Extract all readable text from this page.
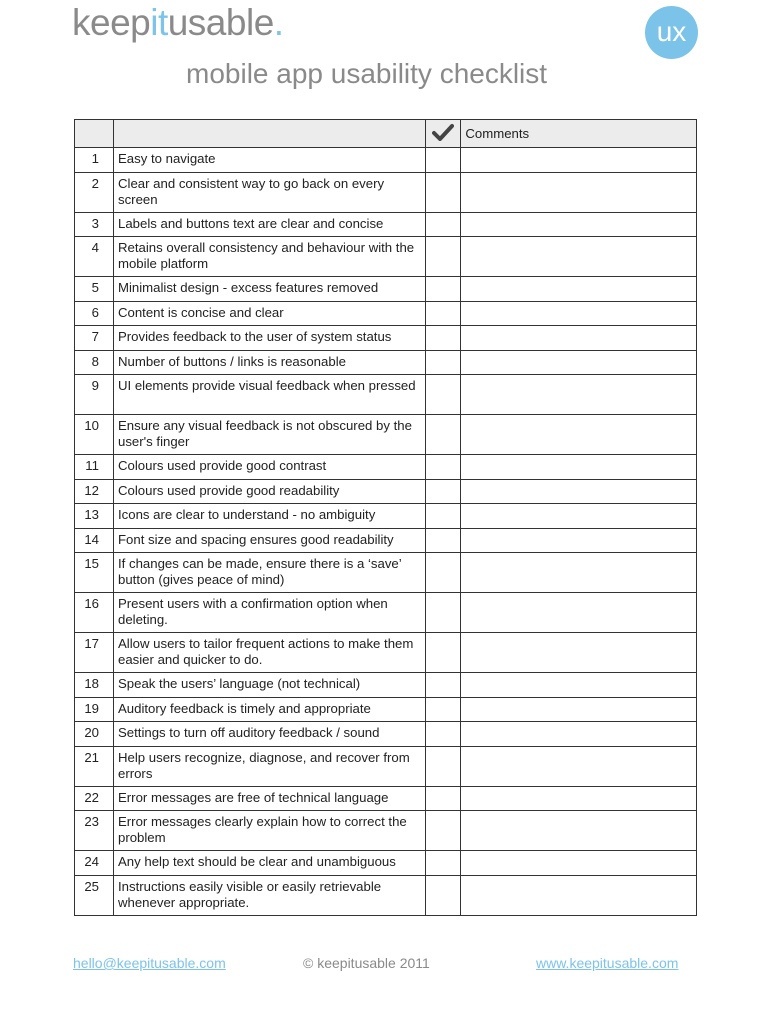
keepitusable.	ux
mobile app usability checklist
			Comments
1	Easy to navigate		
2	Clear and consistent way to go back on every screen		
3	Labels and buttons text are clear and concise		
4	Retains overall consistency and behaviour with the mobile platform		
5	Minimalist design - excess features removed		
6	Content is concise and clear		
7	Provides feedback to the user of system status		
8	Number of buttons / links is reasonable		
9	UI elements provide visual feedback when pressed		
10	Ensure any visual feedback is not obscured by the user's finger		
11	Colours used provide good contrast		
12	Colours used provide good readability		
13	Icons are clear to understand - no ambiguity		
14	Font size and spacing ensures good readability		
15	If changes can be made, ensure there is a ‘save’ button (gives peace of mind)		
16	Present users with a confirmation option when deleting.		
17	Allow users to tailor frequent actions to make them easier and quicker to do.		
18	Speak the users’ language (not technical)		
19	Auditory feedback is timely and appropriate		
20	Settings to turn off auditory feedback / sound		
21	Help users recognize, diagnose, and recover from errors		
22	Error messages are free of technical language		
23	Error messages clearly explain how to correct the problem		
24	Any help text should be clear and unambiguous		
25	Instructions easily visible or easily retrievable whenever appropriate.		
hello@keepitusable.com	© keepitusable 2011	www.keepitusable.com
